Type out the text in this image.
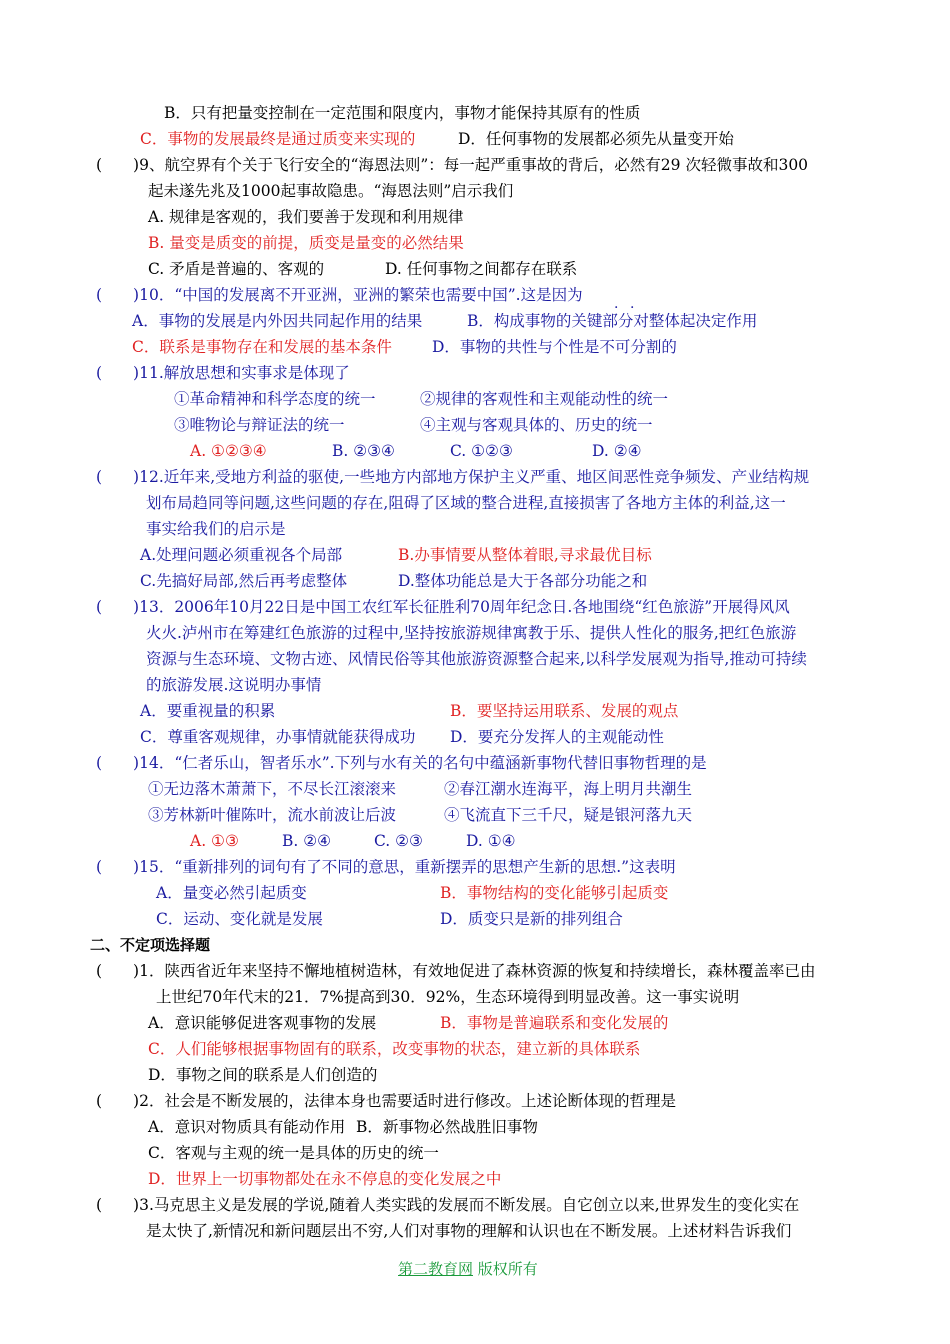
B．只有把量变控制在一定范围和限度内，事物才能保持其原有的性质
C．事物的发展最终是通过质变来实现的	D．任何事物的发展都必须先从量变开始
(　　)9、航空界有个关于飞行安全的“海恩法则”：每一起严重事故的背后，必然有29 次轻微事故和300
起未遂先兆及1000起事故隐患。“海恩法则”启示我们
A. 规律是客观的，我们要善于发现和利用规律
B. 量变是质变的前提，质变是量变的必然结果
C. 矛盾是普遍的、客观的	D. 任何事物之间都存在联系
(　　)10．“中国的发展离不开亚洲，亚洲的繁荣也需要中国”.这是因为
· ·
A．事物的发展是内外因共同起作用的结果	B．构成事物的关键部分对整体起决定作用
C．联系是事物存在和发展的基本条件	D．事物的共性与个性是不可分割的
(　　)11.解放思想和实事求是体现了
①革命精神和科学态度的统一	②规律的客观性和主观能动性的统一
③唯物论与辩证法的统一	④主观与客观具体的、历史的统一
A. ①②③④	B. ②③④	C. ①②③	D. ②④
(　　)12.近年来,受地方利益的驱使,一些地方内部地方保护主义严重、地区间恶性竞争频发、产业结构规
划布局趋同等问题,这些问题的存在,阻碍了区域的整合进程,直接损害了各地方主体的利益,这一
事实给我们的启示是
A.处理问题必须重视各个局部	B.办事情要从整体着眼,寻求最优目标
C.先搞好局部,然后再考虑整体	D.整体功能总是大于各部分功能之和
(　　)13．2006年10月22日是中国工农红军长征胜利70周年纪念日.各地围绕“红色旅游”开展得风风
火火.泸州市在筹建红色旅游的过程中,坚持按旅游规律寓教于乐、提供人性化的服务,把红色旅游
资源与生态环境、文物古迹、风情民俗等其他旅游资源整合起来,以科学发展观为指导,推动可持续
的旅游发展.这说明办事情
A．要重视量的积累	B．要坚持运用联系、发展的观点
C．尊重客观规律，办事情就能获得成功 D．要充分发挥人的主观能动性
(　　)14．“仁者乐山，智者乐水”.下列与水有关的名句中蕴涵新事物代替旧事物哲理的是
①无边落木萧萧下，不尽长江滚滚来	②春江潮水连海平，海上明月共潮生
③芳林新叶催陈叶，流水前波让后波	④飞流直下三千尺，疑是银河落九天
A. ①③	B. ②④	C. ②③	D. ①④
(　　)15．“重新排列的词句有了不同的意思，重新摆弄的思想产生新的思想.”这表明
A．量变必然引起质变	B．事物结构的变化能够引起质变
C．运动、变化就是发展	D．质变只是新的排列组合
二、不定项选择题
(　　)1．陕西省近年来坚持不懈地植树造林，有效地促进了森林资源的恢复和持续增长，森林覆盖率已由
上世纪70年代末的21．7%提高到30．92%，生态环境得到明显改善。这一事实说明
A．意识能够促进客观事物的发展	B．事物是普遍联系和变化发展的
C．人们能够根据事物固有的联系，改变事物的状态，建立新的具体联系
D．事物之间的联系是人们创造的
(　　)2．社会是不断发展的，法律本身也需要适时进行修改。上述论断体现的哲理是
A．意识对物质具有能动作用 B．新事物必然战胜旧事物
C．客观与主观的统一是具体的历史的统一
D．世界上一切事物都处在永不停息的变化发展之中
(　　)3.马克思主义是发展的学说,随着人类实践的发展而不断发展。自它创立以来,世界发生的变化实在
是太快了,新情况和新问题层出不穷,人们对事物的理解和认识也在不断发展。上述材料告诉我们
第二教育网 版权所有
